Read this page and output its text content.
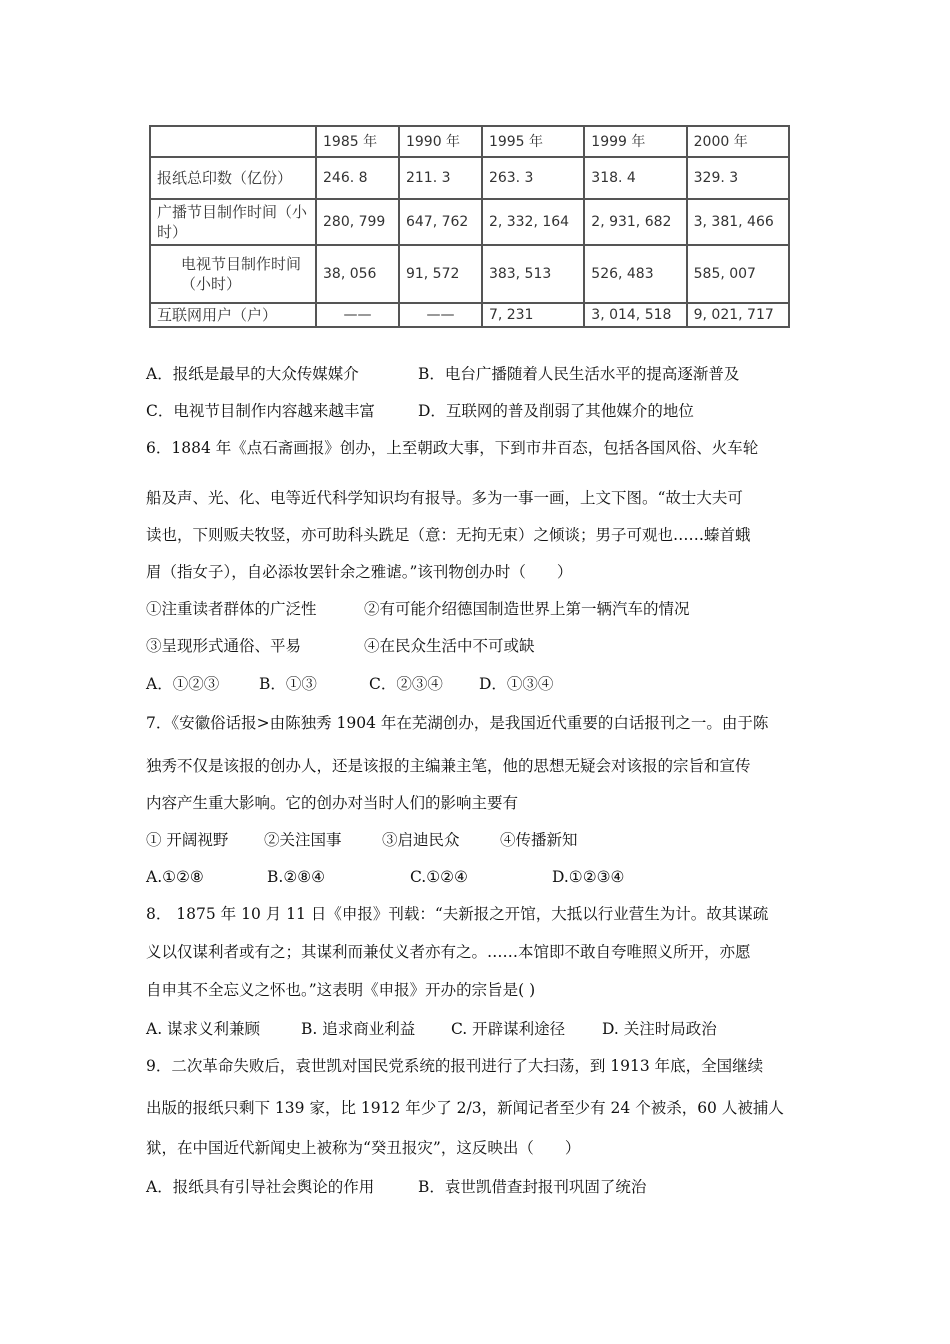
	1985 年	1990 年	1995 年	1999 年	2000 年
报纸总印数（亿份）	246. 8	211. 3	263. 3	318. 4	329. 3
广播节目制作时间（小时）	280, 799	647, 762	2, 332, 164	2, 931, 682	3, 381, 466
电视节目制作时间（小时）	38, 056	91, 572	383, 513	526, 483	585, 007
互联网用户（户）	——	——	7, 231	3, 014, 518	9, 021, 717
A．报纸是最早的大众传媒媒介	B．电台广播随着人民生活水平的提高逐渐普及
C．电视节目制作内容越来越丰富	D．互联网的普及削弱了其他媒介的地位
6．1884 年《点石斋画报》创办，上至朝政大事，下到市井百态，包括各国风俗、火车轮
船及声、光、化、电等近代科学知识均有报导。多为一事一画，上文下图。“故士大夫可
读也，下则贩夫牧竖，亦可助科头跣足（意：无拘无束）之倾谈；男子可观也……螓首蛾
眉（指女子），自必添妆罢针余之雅谑。”该刊物创办时（　　）
①注重读者群体的广泛性	②有可能介绍德国制造世界上第一辆汽车的情况
③呈现形式通俗、平易	④在民众生活中不可或缺
A．①②③	B．①③	C．②③④ D．①③④
7．《安徽俗话报>由陈独秀 1904 年在芜湖创办，是我国近代重要的白话报刊之一。由于陈
独秀不仅是该报的创办人，还是该报的主编兼主笔，他的思想无疑会对该报的宗旨和宣传
内容产生重大影响。它的创办对当时人们的影响主要有
① 开阔视野 ②关注国事	③启迪民众	④传播新知
A.①②⑧	B.②⑧④	C.①②④	D.①②③④
8． 1875 年 10 月 11 日《申报》刊载：“夫新报之开馆，大抵以行业营生为计。故其谋疏
义以仅谋利者或有之；其谋利而兼仗义者亦有之。……本馆即不敢自夸唯照义所开，亦愿
自申其不全忘义之怀也。”这表明《申报》开办的宗旨是( )
A. 谋求义利兼顾	B. 追求商业利益 C. 开辟谋利途径 D. 关注时局政治
9．二次革命失败后，袁世凯对国民党系统的报刊进行了大扫荡，到 1913 年底，全国继续
出版的报纸只剩下 139 家，比 1912 年少了 2/3，新闻记者至少有 24 个被杀，60 人被捕人
狱，在中国近代新闻史上被称为“癸丑报灾”，这反映出（　　）
A．报纸具有引导社会舆论的作用	B．袁世凯借查封报刊巩固了统治
